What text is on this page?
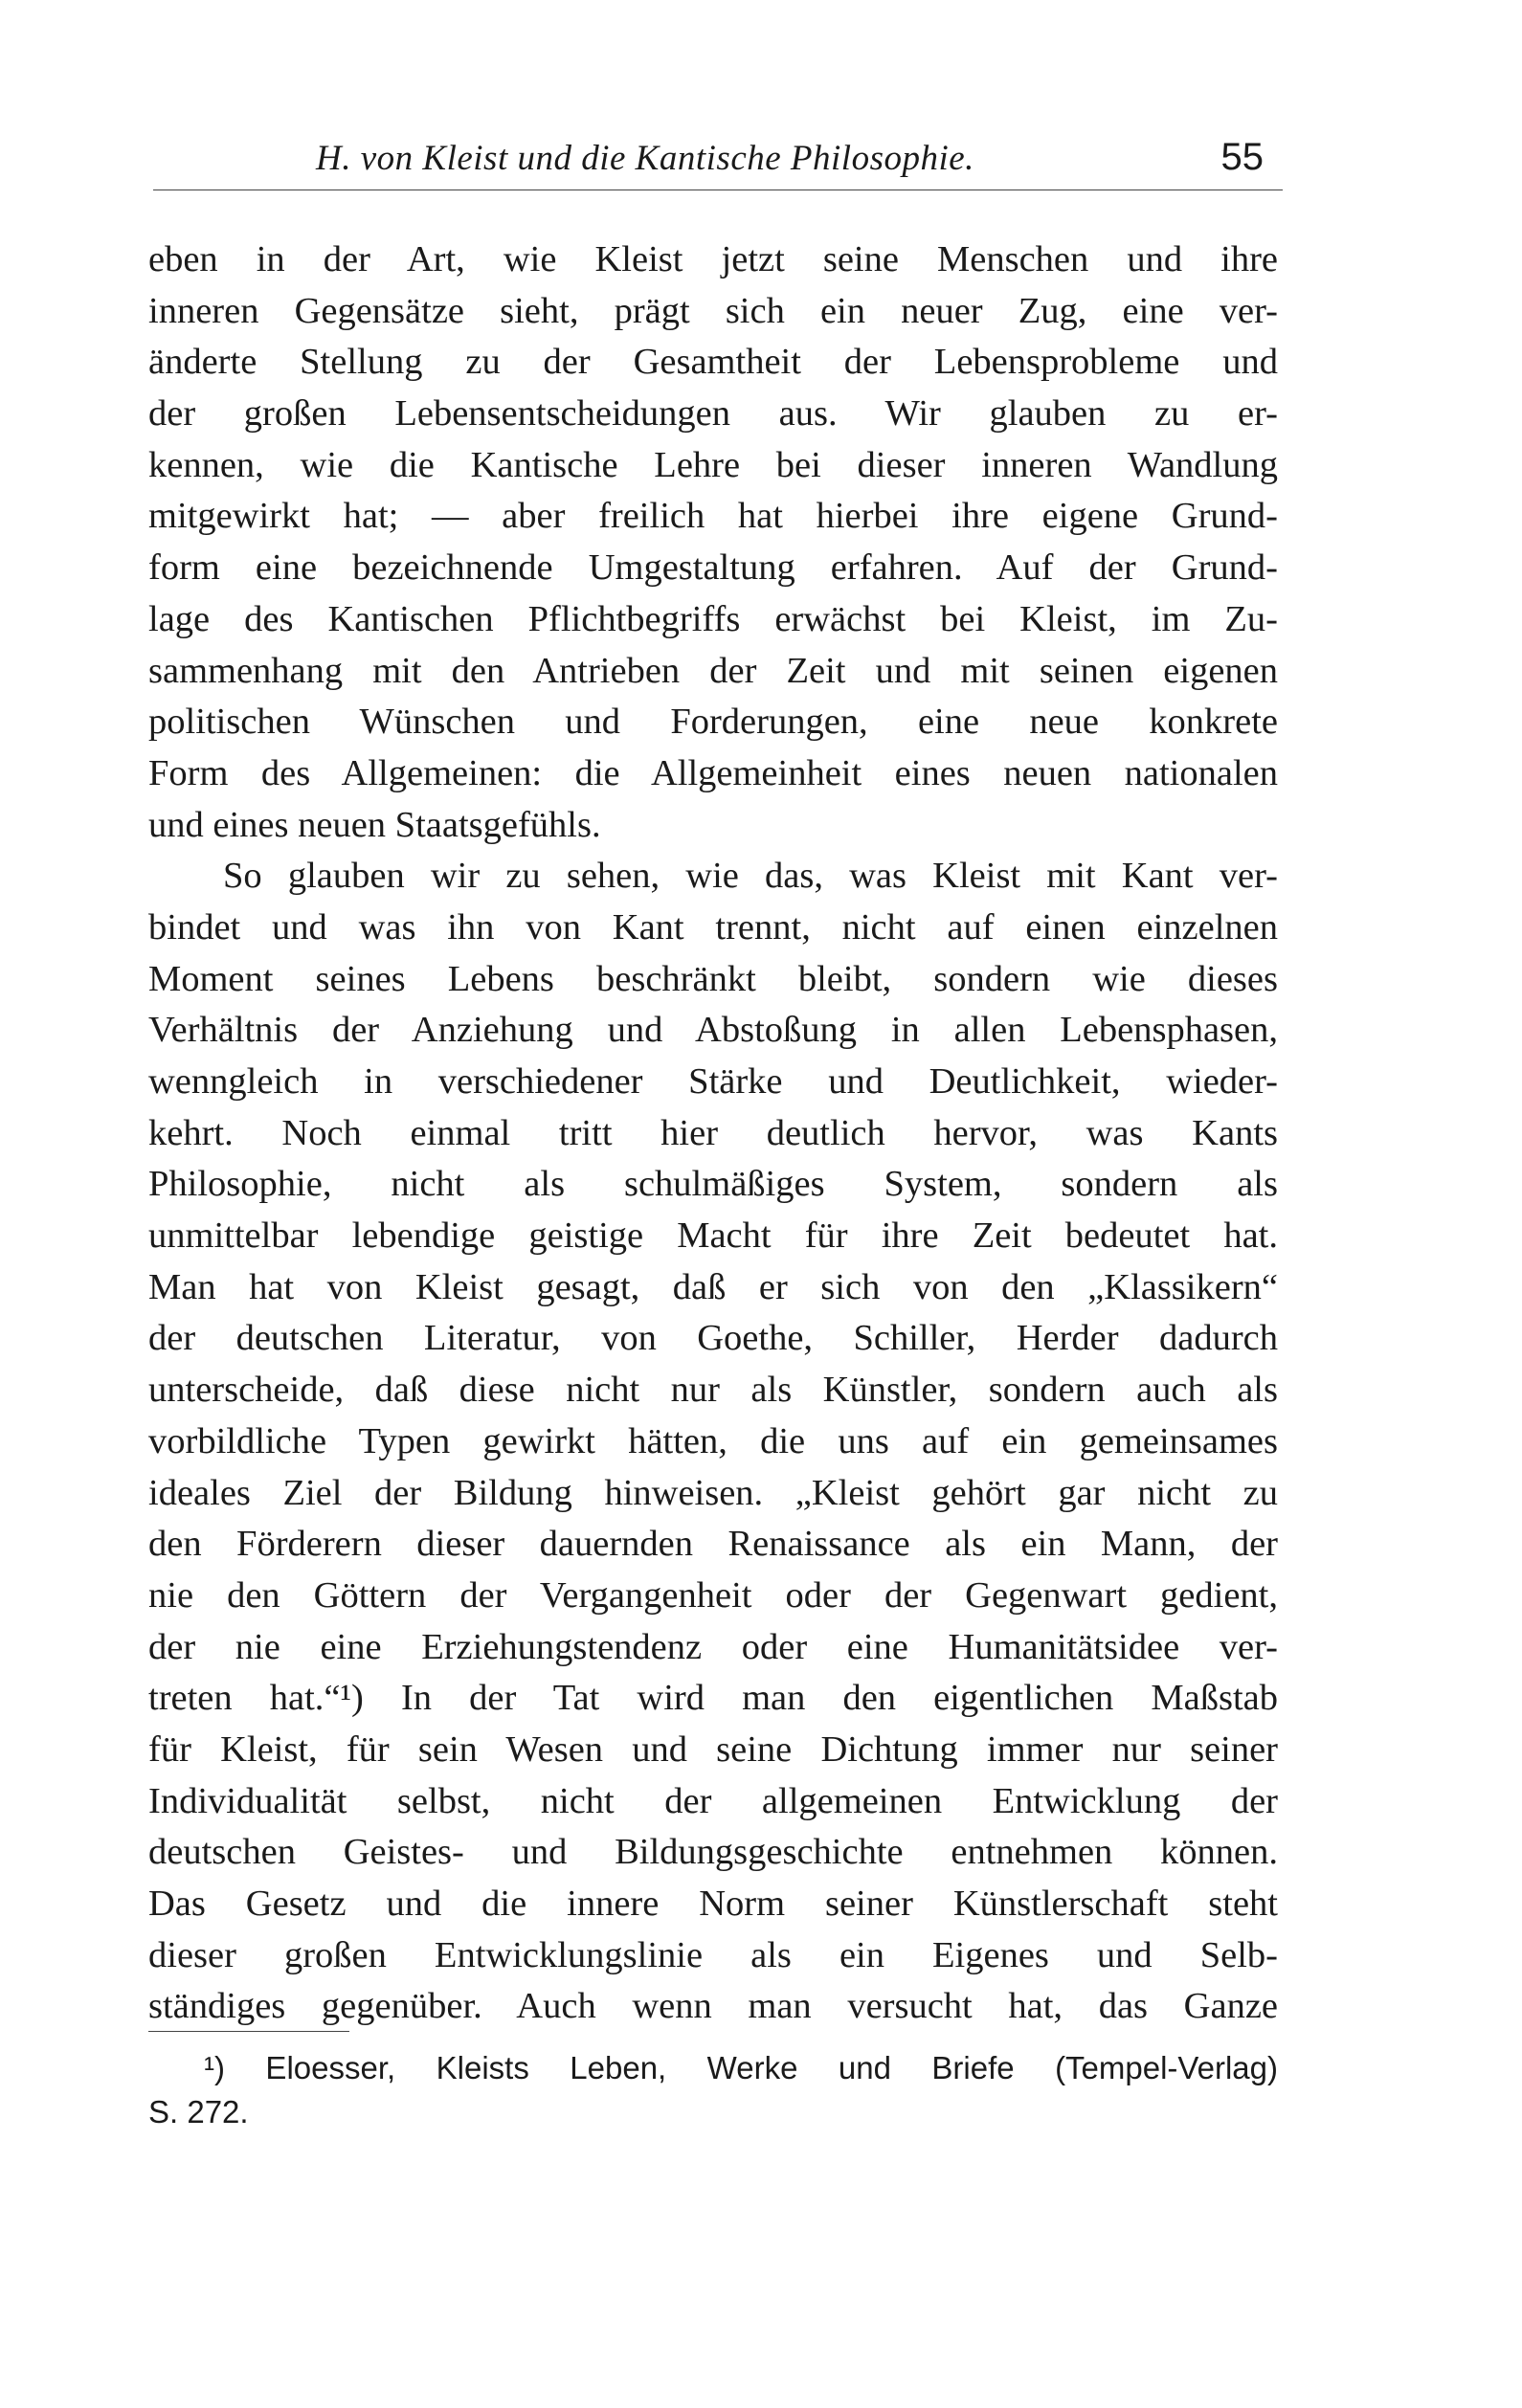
H. von Kleist und die Kantische Philosophie.	55
eben in der Art, wie Kleist jetzt seine Menschen und ihre
inneren Gegensätze sieht, prägt sich ein neuer Zug, eine ver-
änderte Stellung zu der Gesamtheit der Lebensprobleme und
der großen Lebensentscheidungen aus. Wir glauben zu er-
kennen, wie die Kantische Lehre bei dieser inneren Wandlung
mitgewirkt hat; — aber freilich hat hierbei ihre eigene Grund-
form eine bezeichnende Umgestaltung erfahren. Auf der Grund-
lage des Kantischen Pflichtbegriffs erwächst bei Kleist, im Zu-
sammenhang mit den Antrieben der Zeit und mit seinen eigenen
politischen Wünschen und Forderungen, eine neue konkrete
Form des Allgemeinen: die Allgemeinheit eines neuen nationalen
und eines neuen Staatsgefühls.
So glauben wir zu sehen, wie das, was Kleist mit Kant ver-
bindet und was ihn von Kant trennt, nicht auf einen einzelnen
Moment seines Lebens beschränkt bleibt, sondern wie dieses
Verhältnis der Anziehung und Abstoßung in allen Lebensphasen,
wenngleich in verschiedener Stärke und Deutlichkeit, wieder-
kehrt. Noch einmal tritt hier deutlich hervor, was Kants
Philosophie, nicht als schulmäßiges System, sondern als
unmittelbar lebendige geistige Macht für ihre Zeit bedeutet hat.
Man hat von Kleist gesagt, daß er sich von den „Klassikern“
der deutschen Literatur, von Goethe, Schiller, Herder dadurch
unterscheide, daß diese nicht nur als Künstler, sondern auch als
vorbildliche Typen gewirkt hätten, die uns auf ein gemeinsames
ideales Ziel der Bildung hinweisen. „Kleist gehört gar nicht zu
den Förderern dieser dauernden Renaissance als ein Mann, der
nie den Göttern der Vergangenheit oder der Gegenwart gedient,
der nie eine Erziehungstendenz oder eine Humanitätsidee ver-
treten hat.“¹) In der Tat wird man den eigentlichen Maßstab
für Kleist, für sein Wesen und seine Dichtung immer nur seiner
Individualität selbst, nicht der allgemeinen Entwicklung der
deutschen Geistes- und Bildungsgeschichte entnehmen können.
Das Gesetz und die innere Norm seiner Künstlerschaft steht
dieser großen Entwicklungslinie als ein Eigenes und Selb-
ständiges gegenüber. Auch wenn man versucht hat, das Ganze
¹) Eloesser, Kleists Leben, Werke und Briefe (Tempel-Verlag)
S. 272.
